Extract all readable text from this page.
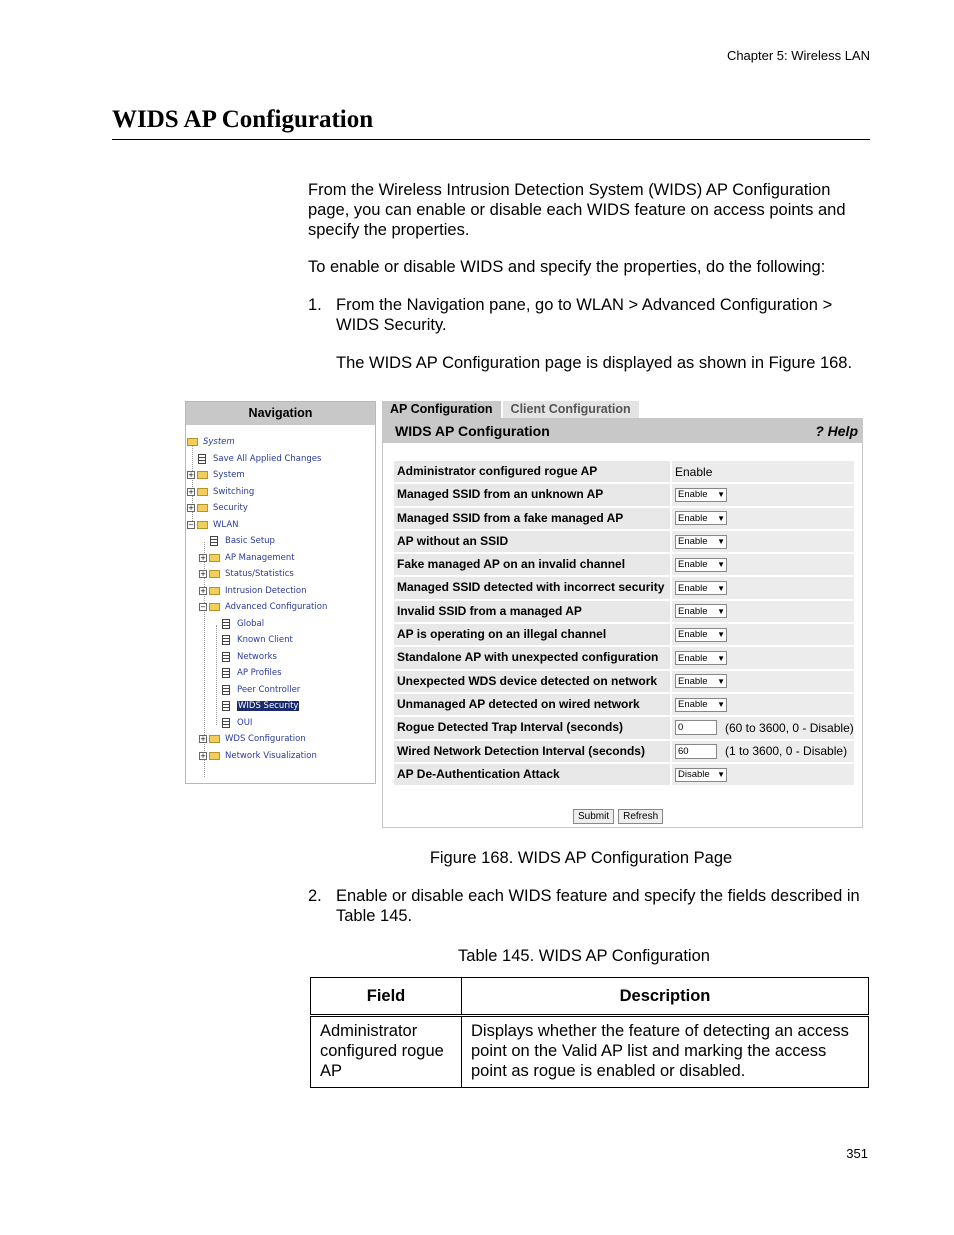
Chapter 5: Wireless LAN
WIDS AP Configuration

From the Wireless Intrusion Detection System (WIDS) AP Configuration page, you can enable or disable each WIDS feature on access points and specify the properties.

To enable or disable WIDS and specify the properties, do the following:

1. From the Navigation pane, go to WLAN > Advanced Configuration > WIDS Security.

The WIDS AP Configuration page is displayed as shown in Figure 168.

Navigation
System
Save All Applied Changes
+ System
+ Switching
+ Security
− WLAN
Basic Setup
+ AP Management
+ Status/Statistics
+ Intrusion Detection
− Advanced Configuration
Global
Known Client
Networks
AP Profiles
Peer Controller
WIDS Security
OUI
+ WDS Configuration
+ Network Visualization
AP Configuration	Client Configuration
WIDS AP Configuration	? Help
Administrator configured rogue AP	Enable
Managed SSID from an unknown AP	Enable ▼
Managed SSID from a fake managed AP	Enable ▼
AP without an SSID	Enable ▼
Fake managed AP on an invalid channel	Enable ▼
Managed SSID detected with incorrect security	Enable ▼
Invalid SSID from a managed AP	Enable ▼
AP is operating on an illegal channel	Enable ▼
Standalone AP with unexpected configuration	Enable ▼
Unexpected WDS device detected on network	Enable ▼
Unmanaged AP detected on wired network	Enable ▼
Rogue Detected Trap Interval (seconds)	0	(60 to 3600, 0 - Disable)
Wired Network Detection Interval (seconds)	60	(1 to 3600, 0 - Disable)
AP De-Authentication Attack	Disable ▼
Submit	Refresh
Figure 168. WIDS AP Configuration Page
2. Enable or disable each WIDS feature and specify the fields described in Table 145.
Table 145. WIDS AP Configuration
Field	Description
Administrator configured rogue AP	Displays whether the feature of detecting an access point on the Valid AP list and marking the access point as rogue is enabled or disabled.
351
